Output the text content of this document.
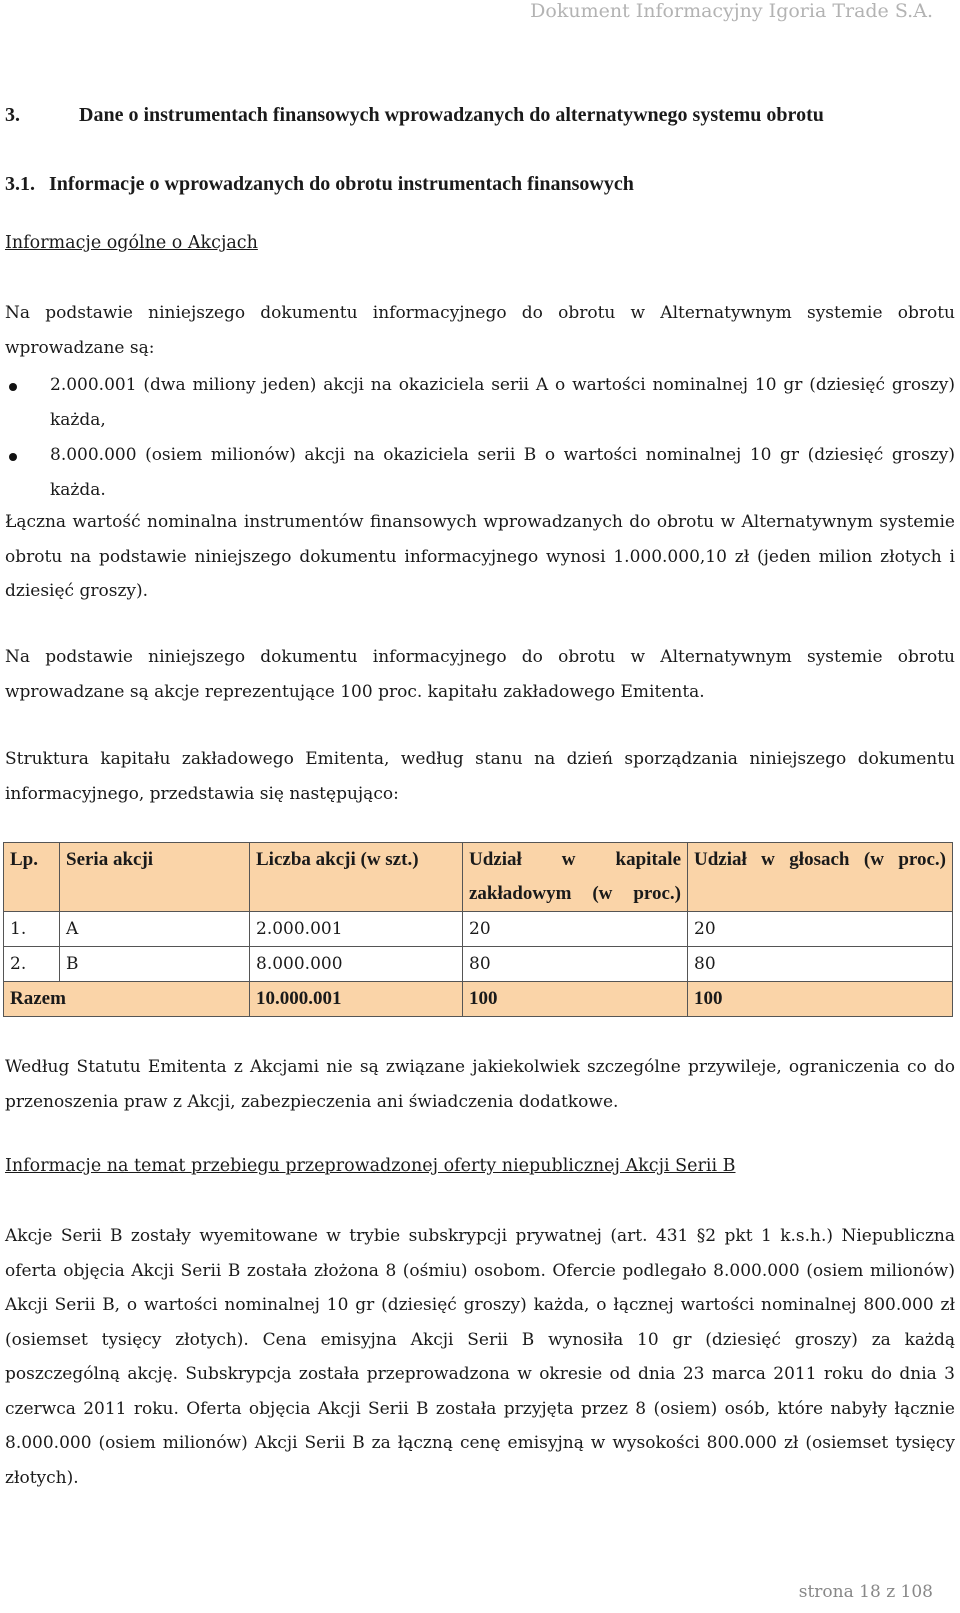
Dokument Informacyjny Igoria Trade S.A.
3.	Dane o instrumentach finansowych wprowadzanych do alternatywnego systemu obrotu
3.1. Informacje o wprowadzanych do obrotu instrumentach finansowych
Informacje ogólne o Akcjach
Na podstawie niniejszego dokumentu informacyjnego do obrotu w Alternatywnym systemie obrotu wprowadzane są:
2.000.001 (dwa miliony jeden) akcji na okaziciela serii A o wartości nominalnej 10 gr (dziesięć groszy) każda,
8.000.000 (osiem milionów) akcji na okaziciela serii B o wartości nominalnej 10 gr (dziesięć groszy) każda.
Łączna wartość nominalna instrumentów finansowych wprowadzanych do obrotu w Alternatywnym systemie obrotu na podstawie niniejszego dokumentu informacyjnego wynosi 1.000.000,10 zł (jeden milion złotych i dziesięć groszy).
Na podstawie niniejszego dokumentu informacyjnego do obrotu w Alternatywnym systemie obrotu wprowadzane są akcje reprezentujące 100 proc. kapitału zakładowego Emitenta.
Struktura kapitału zakładowego Emitenta, według stanu na dzień sporządzania niniejszego dokumentu informacyjnego, przedstawia się następująco:
Lp.	Seria akcji	Liczba akcji (w szt.)	Udział w kapitale zakładowym (w proc.)	Udział w głosach (w proc.)
1.	A	2.000.001	20	20
2.	B	8.000.000	80	80
Razem		10.000.001	100	100
Według Statutu Emitenta z Akcjami nie są związane jakiekolwiek szczególne przywileje, ograniczenia co do przenoszenia praw z Akcji, zabezpieczenia ani świadczenia dodatkowe.
Informacje na temat przebiegu przeprowadzonej oferty niepublicznej Akcji Serii B
Akcje Serii B zostały wyemitowane w trybie subskrypcji prywatnej (art. 431 §2 pkt 1 k.s.h.) Niepubliczna oferta objęcia Akcji Serii B została złożona 8 (ośmiu) osobom. Ofercie podlegało 8.000.000 (osiem milionów) Akcji Serii B, o wartości nominalnej 10 gr (dziesięć groszy) każda, o łącznej wartości nominalnej 800.000 zł (osiemset tysięcy złotych). Cena emisyjna Akcji Serii B wynosiła 10 gr (dziesięć groszy) za każdą poszczególną akcję. Subskrypcja została przeprowadzona w okresie od dnia 23 marca 2011 roku do dnia 3 czerwca 2011 roku. Oferta objęcia Akcji Serii B została przyjęta przez 8 (osiem) osób, które nabyły łącznie 8.000.000 (osiem milionów) Akcji Serii B za łączną cenę emisyjną w wysokości 800.000 zł (osiemset tysięcy złotych).
strona 18 z 108
